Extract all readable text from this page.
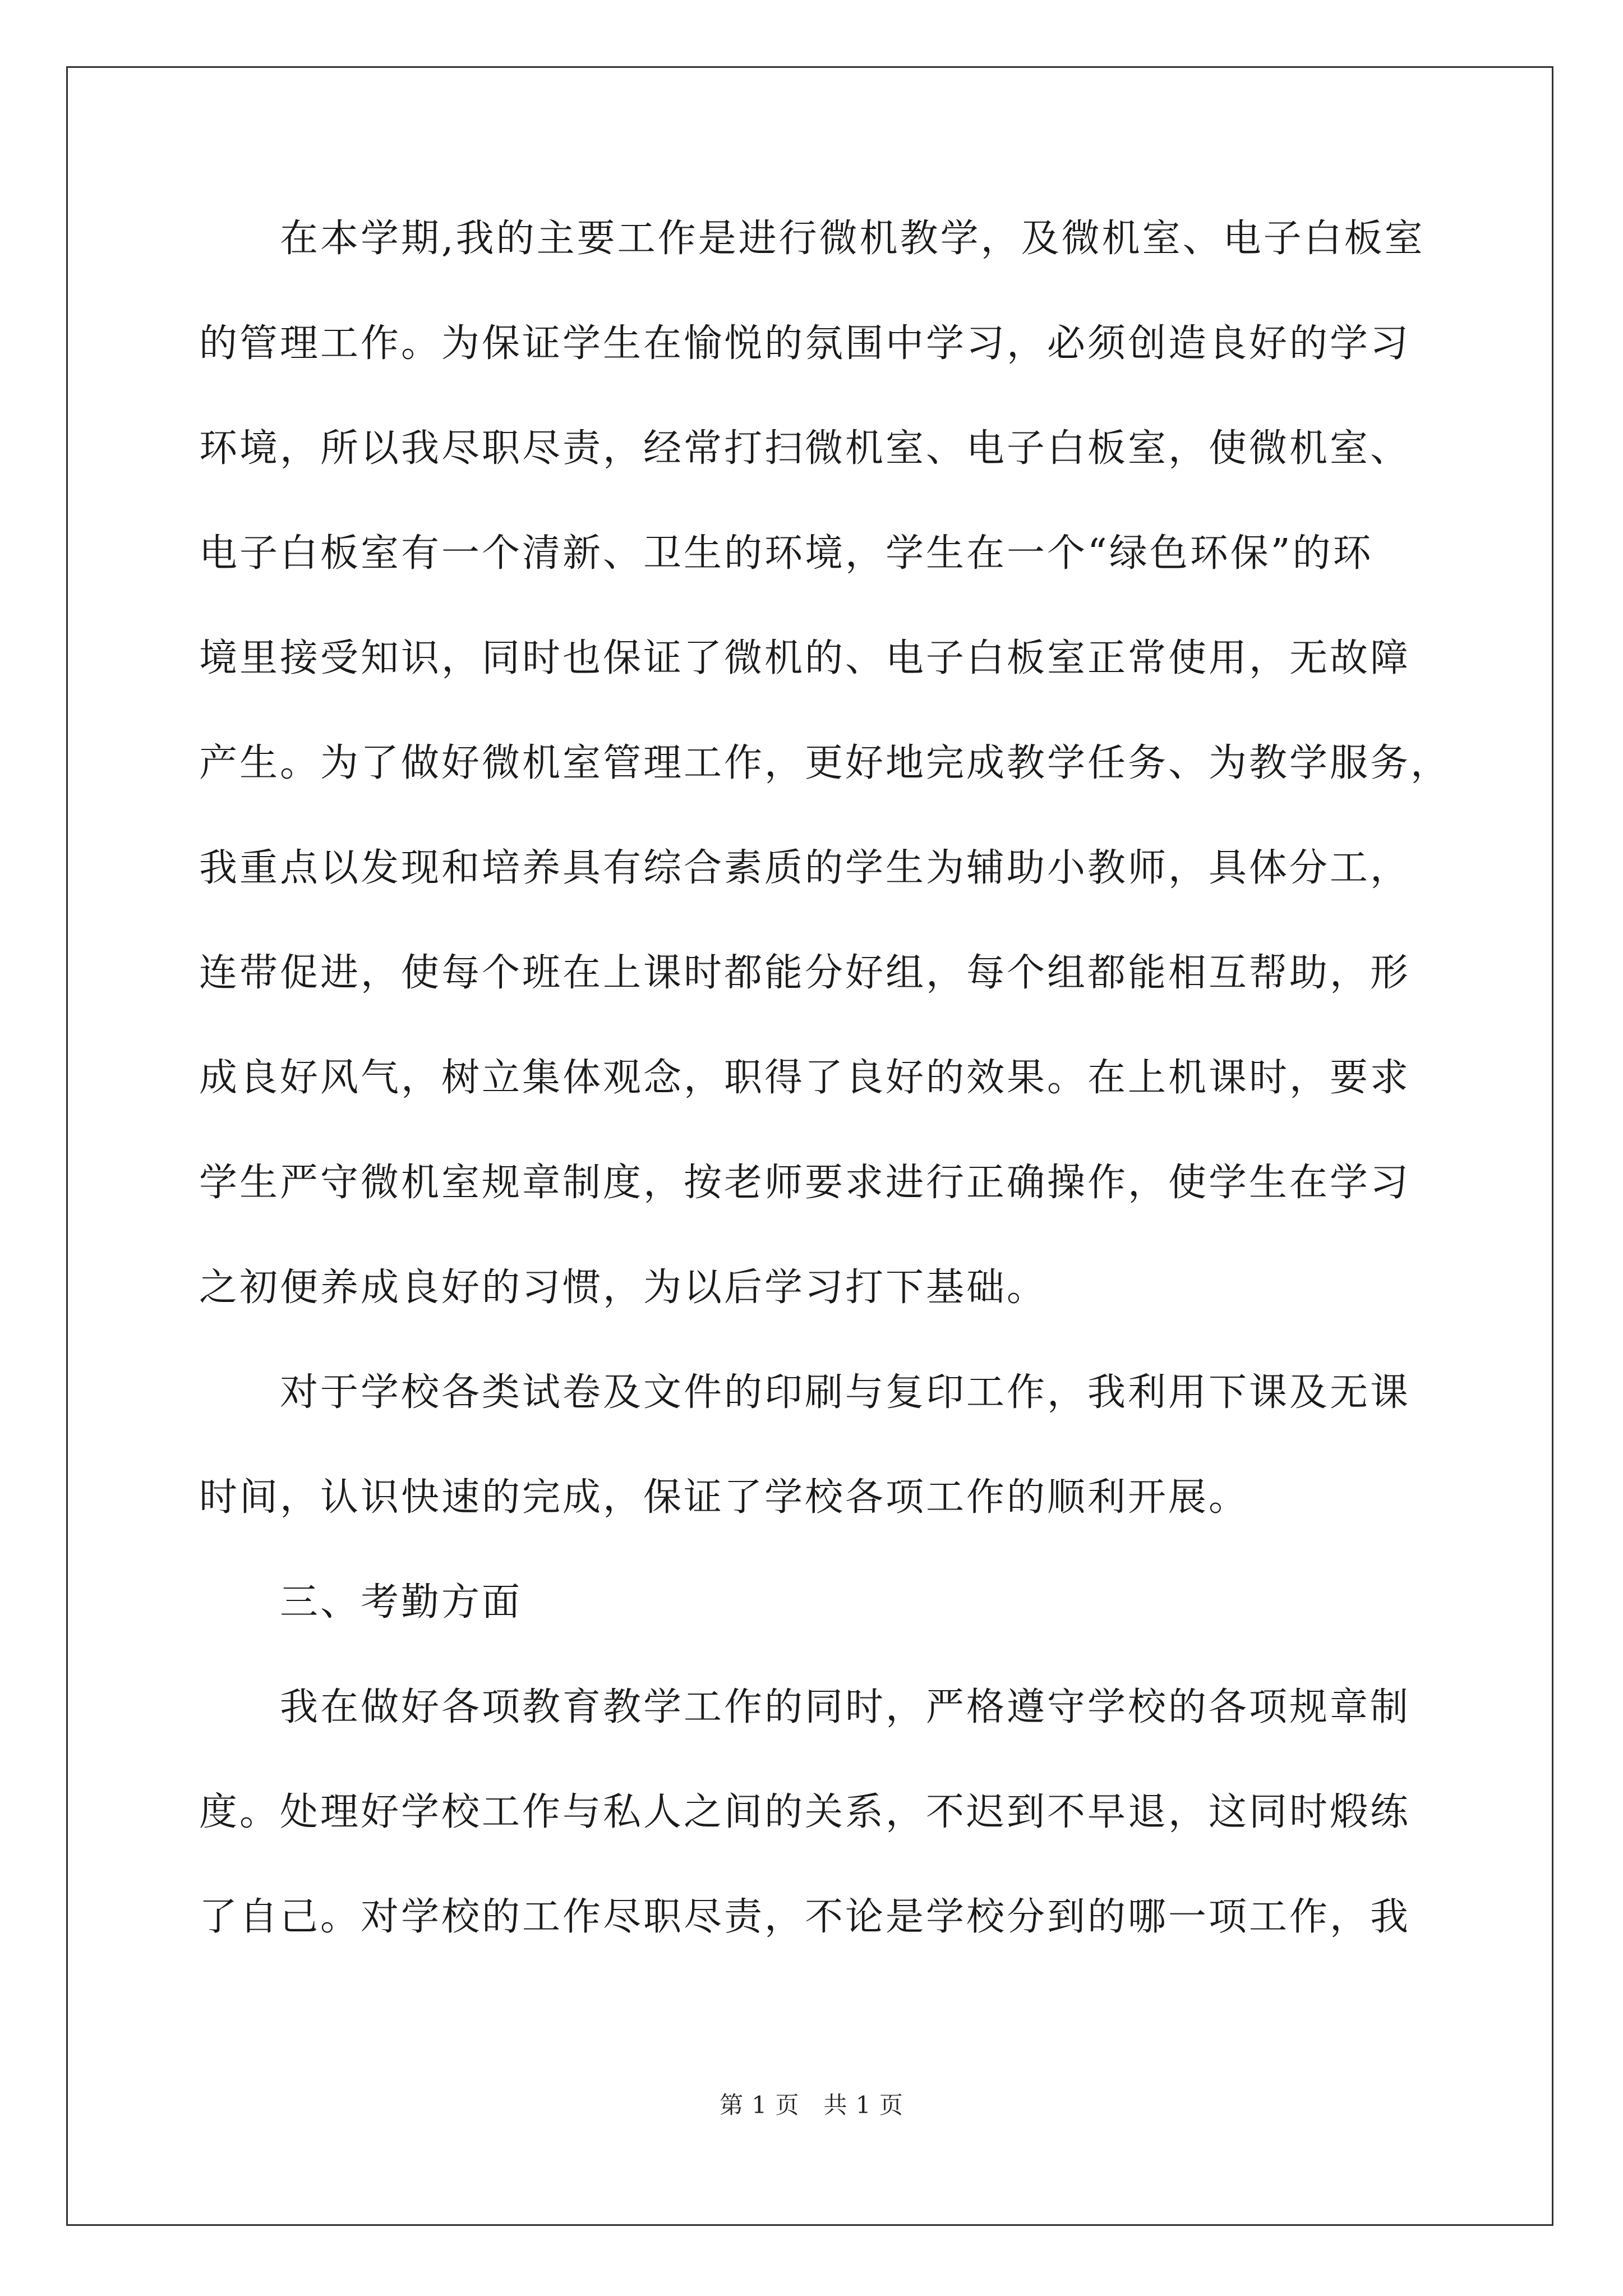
　　在本学期,我的主要工作是进行微机教学，及微机室、电子白板室
的管理工作。为保证学生在愉悦的氛围中学习，必须创造良好的学习
环境，所以我尽职尽责，经常打扫微机室、电子白板室，使微机室、
电子白板室有一个清新、卫生的环境，学生在一个“绿色环保”的环
境里接受知识，同时也保证了微机的、电子白板室正常使用，无故障
产生。为了做好微机室管理工作，更好地完成教学任务、为教学服务，
我重点以发现和培养具有综合素质的学生为辅助小教师，具体分工，
连带促进，使每个班在上课时都能分好组，每个组都能相互帮助，形
成良好风气，树立集体观念，职得了良好的效果。在上机课时，要求
学生严守微机室规章制度，按老师要求进行正确操作，使学生在学习
之初便养成良好的习惯，为以后学习打下基础。
　　对于学校各类试卷及文件的印刷与复印工作，我利用下课及无课
时间，认识快速的完成，保证了学校各项工作的顺利开展。
　　三、考勤方面
　　我在做好各项教育教学工作的同时，严格遵守学校的各项规章制
度。处理好学校工作与私人之间的关系，不迟到不早退，这同时煅练
了自己。对学校的工作尽职尽责，不论是学校分到的哪一项工作，我
第 1 页　共 1 页
